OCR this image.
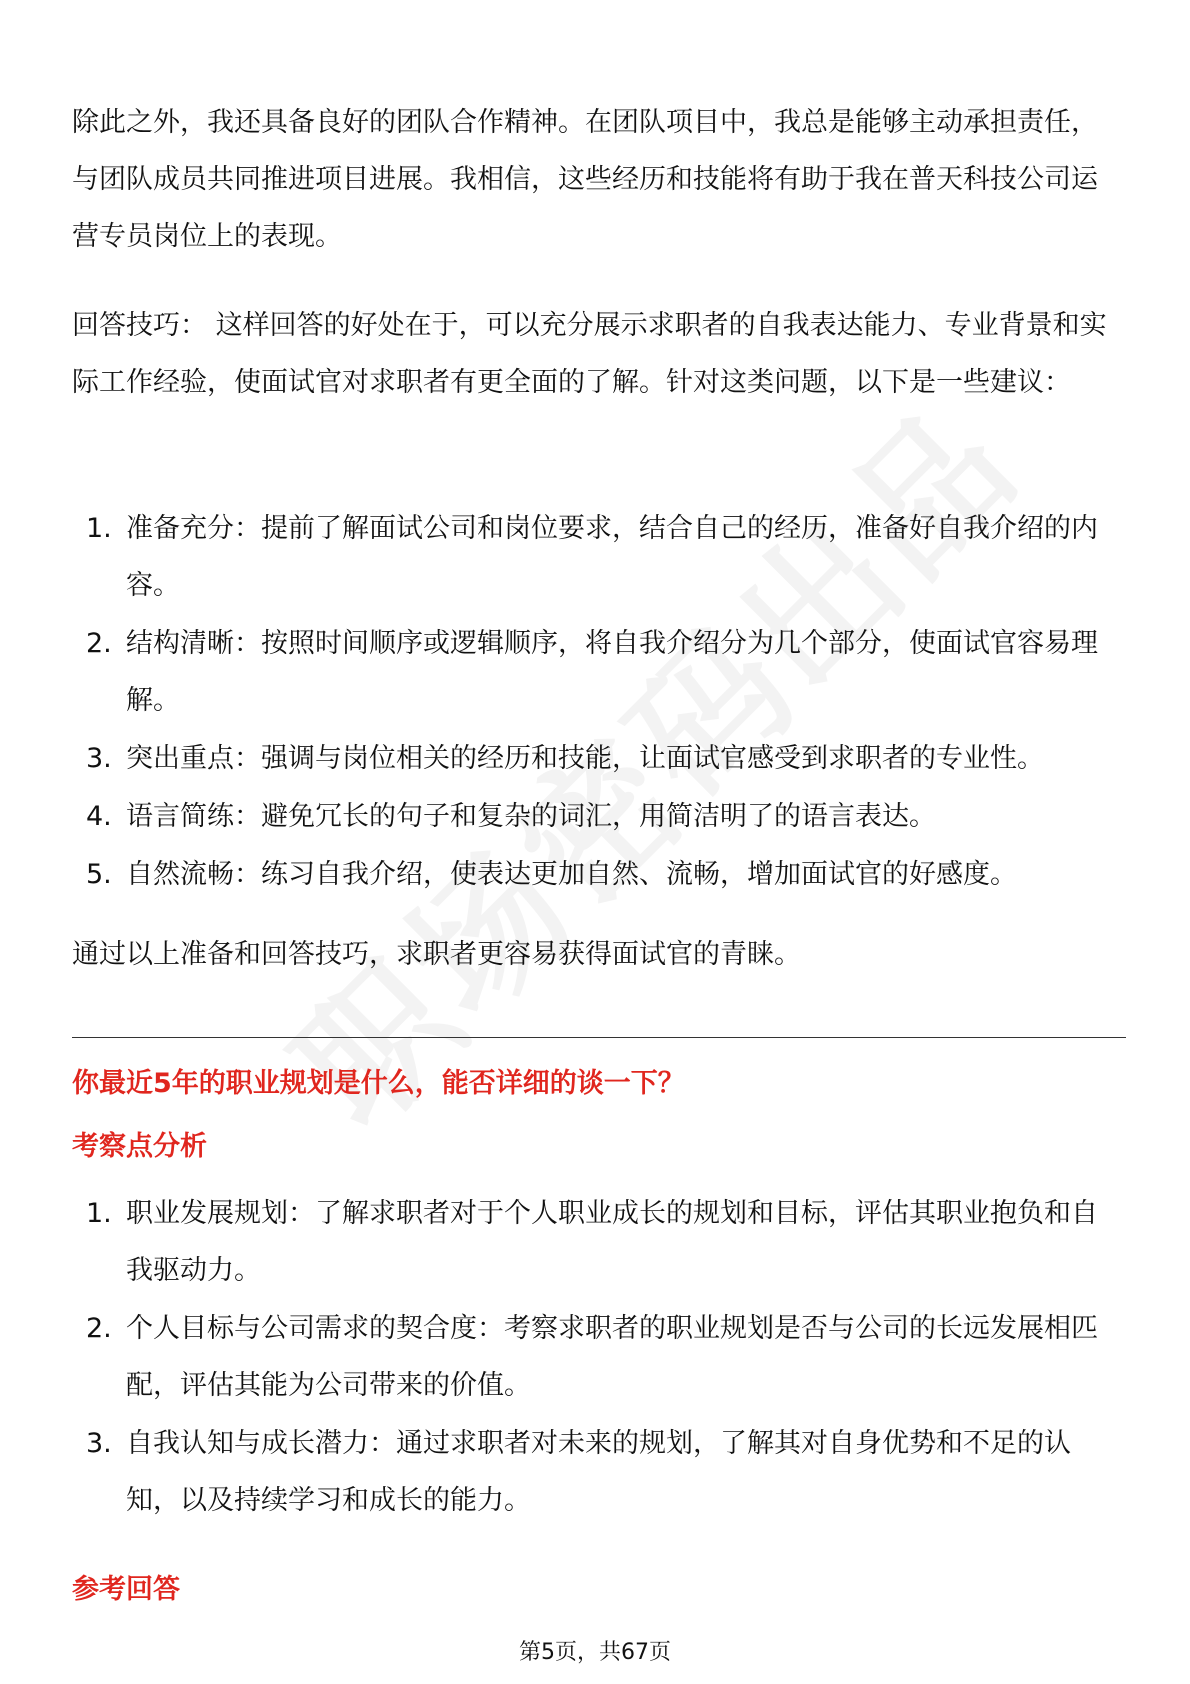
除此之外，我还具备良好的团队合作精神。在团队项目中，我总是能够主动承担责任，与团队成员共同推进项目进展。我相信，这些经历和技能将有助于我在普天科技公司运营专员岗位上的表现。

回答技巧： 这样回答的好处在于，可以充分展示求职者的自我表达能力、专业背景和实际工作经验，使面试官对求职者有更全面的了解。针对这类问题，以下是一些建议：

1. 准备充分：提前了解面试公司和岗位要求，结合自己的经历，准备好自我介绍的内容。
2. 结构清晰：按照时间顺序或逻辑顺序，将自我介绍分为几个部分，使面试官容易理解。
3. 突出重点：强调与岗位相关的经历和技能，让面试官感受到求职者的专业性。
4. 语言简练：避免冗长的句子和复杂的词汇，用简洁明了的语言表达。
5. 自然流畅：练习自我介绍，使表达更加自然、流畅，增加面试官的好感度。

通过以上准备和回答技巧，求职者更容易获得面试官的青睐。

你最近5年的职业规划是什么，能否详细的谈一下？
考察点分析
1. 职业发展规划：了解求职者对于个人职业成长的规划和目标，评估其职业抱负和自我驱动力。
2. 个人目标与公司需求的契合度：考察求职者的职业规划是否与公司的长远发展相匹配，评估其能为公司带来的价值。
3. 自我认知与成长潜力：通过求职者对未来的规划，了解其对自身优势和不足的认知，以及持续学习和成长的能力。
参考回答
第5页，共67页
